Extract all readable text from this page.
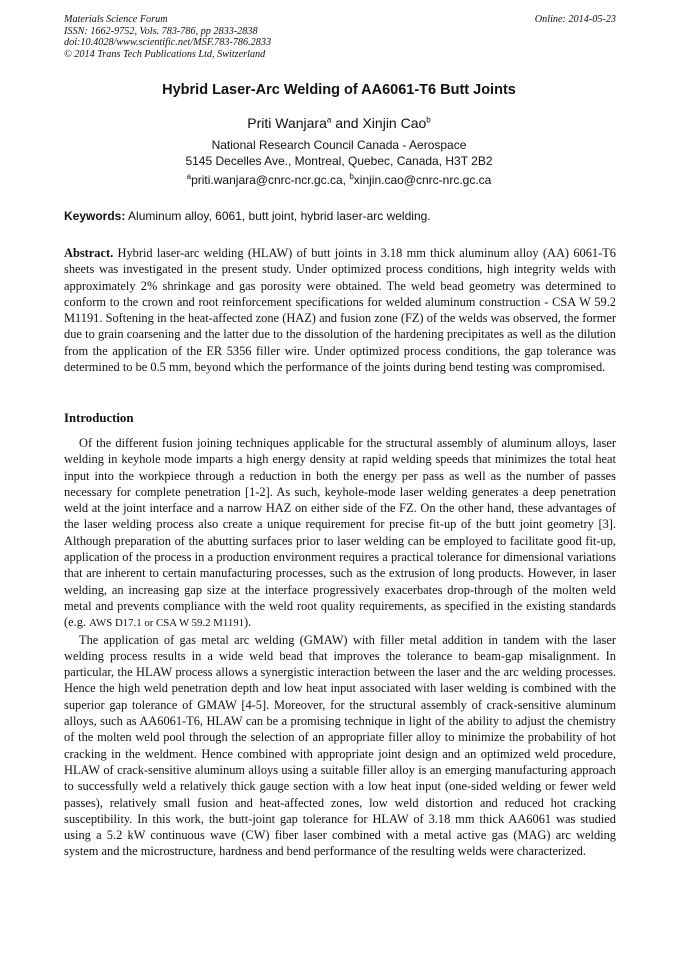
Materials Science Forum
ISSN: 1662-9752, Vols. 783-786, pp 2833-2838
doi:10.4028/www.scientific.net/MSF.783-786.2833
© 2014 Trans Tech Publications Ltd, Switzerland
Online: 2014-05-23
Hybrid Laser-Arc Welding of AA6061-T6 Butt Joints
Priti Wanjara$^a$ and Xinjin Cao$^b$
National Research Council Canada - Aerospace
5145 Decelles Ave., Montreal, Quebec, Canada, H3T 2B2
$^a$priti.wanjara@cnrc-ncr.gc.ca, $^b$xinjin.cao@cnrc-nrc.gc.ca
Keywords: Aluminum alloy, 6061, butt joint, hybrid laser-arc welding.
Abstract. Hybrid laser-arc welding (HLAW) of butt joints in 3.18 mm thick aluminum alloy (AA) 6061-T6 sheets was investigated in the present study. Under optimized process conditions, high integrity welds with approximately 2% shrinkage and gas porosity were obtained. The weld bead geometry was determined to conform to the crown and root reinforcement specifications for welded aluminum construction - CSA W 59.2 M1191. Softening in the heat-affected zone (HAZ) and fusion zone (FZ) of the welds was observed, the former due to grain coarsening and the latter due to the dissolution of the hardening precipitates as well as the dilution from the application of the ER 5356 filler wire. Under optimized process conditions, the gap tolerance was determined to be 0.5 mm, beyond which the performance of the joints during bend testing was compromised.
Introduction

Of the different fusion joining techniques applicable for the structural assembly of aluminum alloys, laser welding in keyhole mode imparts a high energy density at rapid welding speeds that minimizes the total heat input into the workpiece through a reduction in both the energy per pass as well as the number of passes necessary for complete penetration [1-2]. As such, keyhole-mode laser welding generates a deep penetration weld at the joint interface and a narrow HAZ on either side of the FZ. On the other hand, these advantages of the laser welding process also create a unique requirement for precise fit-up of the butt joint geometry [3]. Although preparation of the abutting surfaces prior to laser welding can be employed to facilitate good fit-up, application of the process in a production environment requires a practical tolerance for dimensional variations that are inherent to certain manufacturing processes, such as the extrusion of long products. However, in laser welding, an increasing gap size at the interface progressively exacerbates drop-through of the molten weld metal and prevents compliance with the weld root quality requirements, as specified in the existing standards (e.g. AWS D17.1 or CSA W 59.2 M1191).

The application of gas metal arc welding (GMAW) with filler metal addition in tandem with the laser welding process results in a wide weld bead that improves the tolerance to beam-gap misalignment. In particular, the HLAW process allows a synergistic interaction between the laser and the arc welding processes. Hence the high weld penetration depth and low heat input associated with laser welding is combined with the superior gap tolerance of GMAW [4-5]. Moreover, for the structural assembly of crack-sensitive aluminum alloys, such as AA6061-T6, HLAW can be a promising technique in light of the ability to adjust the chemistry of the molten weld pool through the selection of an appropriate filler alloy to minimize the probability of hot cracking in the weldment. Hence combined with appropriate joint design and an optimized weld procedure, HLAW of crack-sensitive aluminum alloys using a suitable filler alloy is an emerging manufacturing approach to successfully weld a relatively thick gauge section with a low heat input (one-sided welding or fewer weld passes), relatively small fusion and heat-affected zones, low weld distortion and reduced hot cracking susceptibility. In this work, the butt-joint gap tolerance for HLAW of 3.18 mm thick AA6061 was studied using a 5.2 kW continuous wave (CW) fiber laser combined with a metal active gas (MAG) arc welding system and the microstructure, hardness and bend performance of the resulting welds were characterized.
